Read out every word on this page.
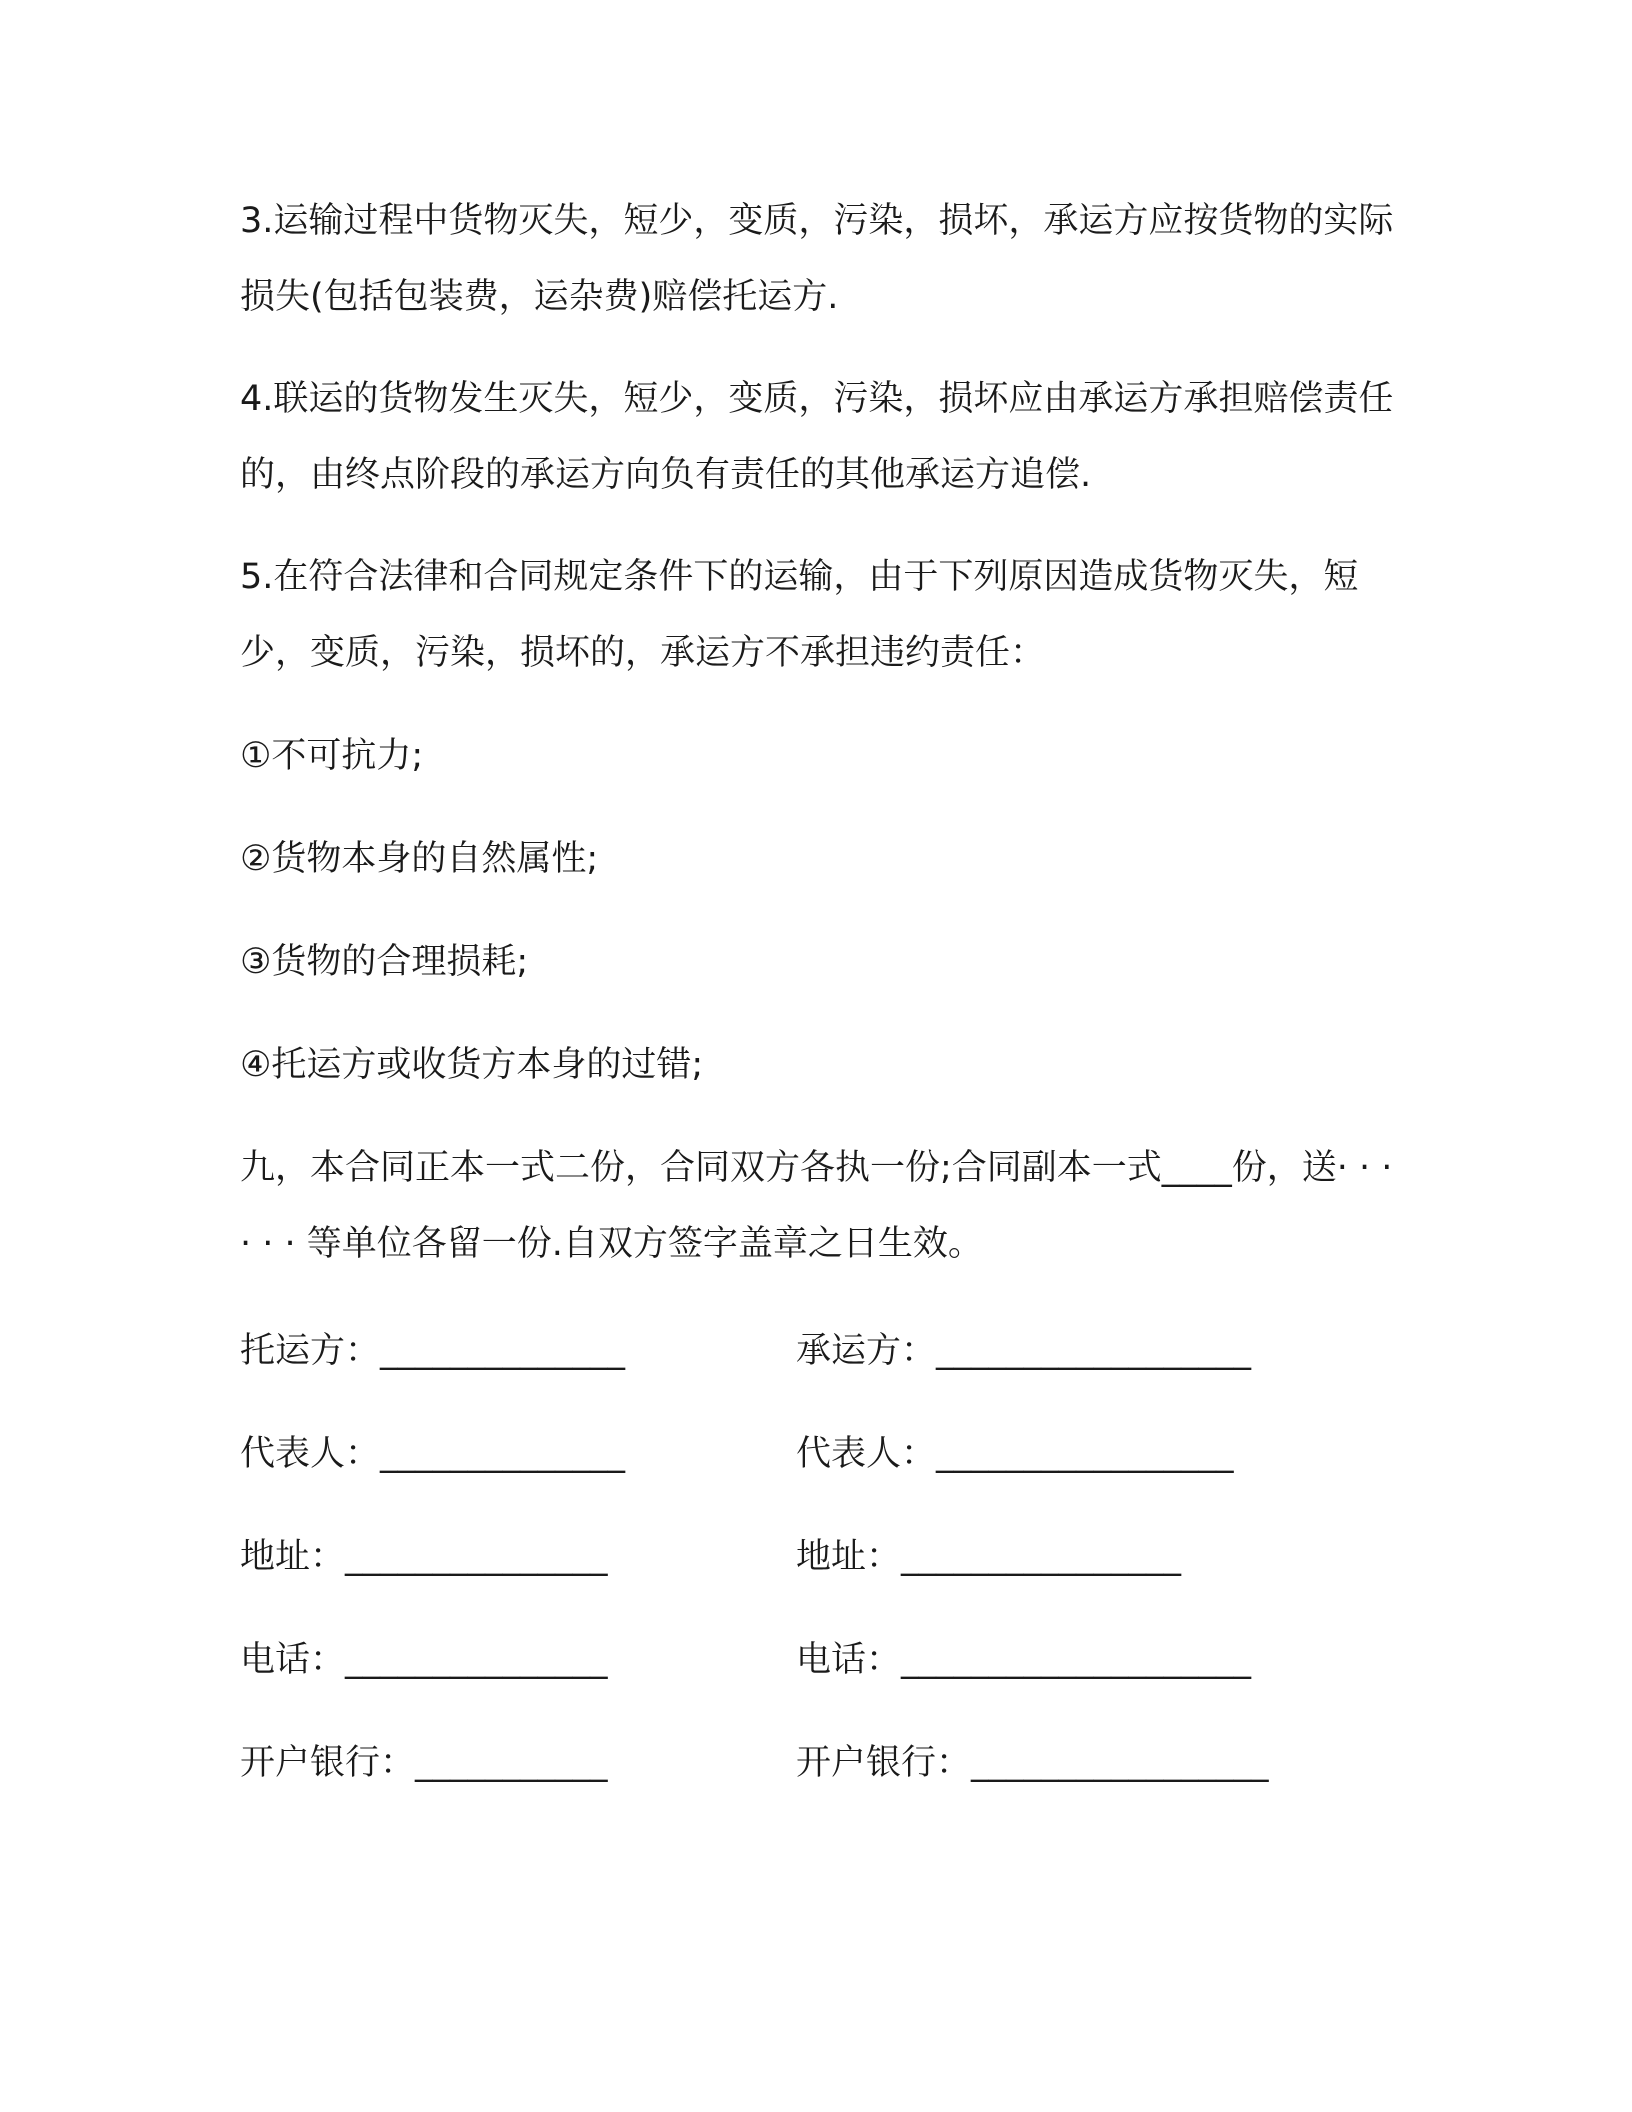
3.运输过程中货物灭失，短少，变质，污染，损坏，承运方应按货物的实际损失(包括包装费，运杂费)赔偿托运方.
4.联运的货物发生灭失，短少，变质，污染，损坏应由承运方承担赔偿责任的，由终点阶段的承运方向负有责任的其他承运方追偿.
5.在符合法律和合同规定条件下的运输，由于下列原因造成货物灭失，短少，变质，污染，损坏的，承运方不承担违约责任：
①不可抗力;
②货物本身的自然属性;
③货物的合理损耗;
④托运方或收货方本身的过错;
九，本合同正本一式二份，合同双方各执一份;合同副本一式____份，送· · · · · · 等单位各留一份.自双方签字盖章之日生效。
托运方：______________	承运方：__________________
代表人：______________	代表人：_________________
地址：_______________	地址：________________
电话：_______________	电话：____________________
开户银行：___________	开户银行：_________________
